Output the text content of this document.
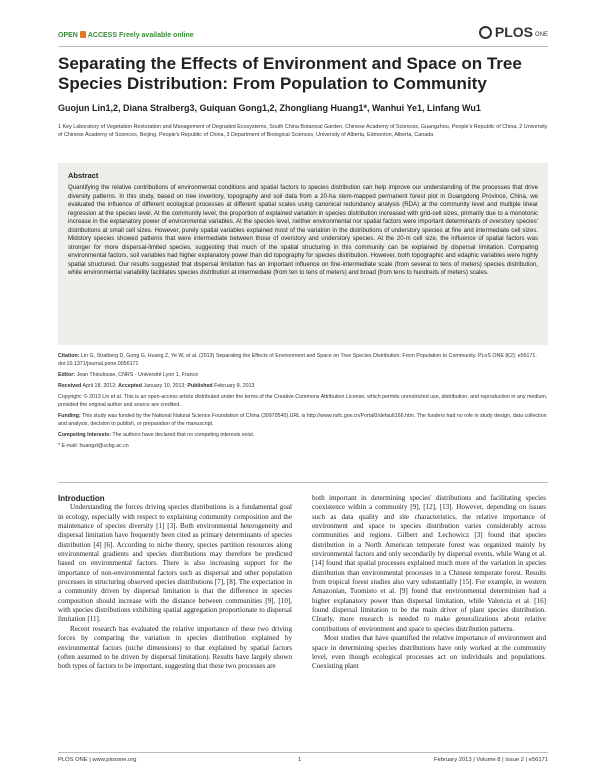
OPEN ACCESS Freely available online	PLOS ONE
Separating the Effects of Environment and Space on Tree Species Distribution: From Population to Community
Guojun Lin1,2, Diana Stralberg3, Guiquan Gong1,2, Zhongliang Huang1*, Wanhui Ye1, Linfang Wu1
1 Key Laboratory of Vegetation Restoration and Management of Degraded Ecosystems, South China Botanical Garden, Chinese Academy of Sciences, Guangzhou, People's Republic of China, 2 University of Chinese Academy of Sciences, Beijing, People's Republic of China, 3 Department of Biological Sciences, University of Alberta, Edmonton, Alberta, Canada

Abstract

Quantifying the relative contributions of environmental conditions and spatial factors to species distribution can help improve our understanding of the processes that drive diversity patterns. In this study, based on tree inventory, topography and soil data from a 20-ha stem-mapped permanent forest plot in Guangdong Province, China, we evaluated the influence of different ecological processes at different spatial scales using canonical redundancy analysis (RDA) at the community level and multiple linear regression at the species level. At the community level, the proportion of explained variation in species distribution increased with grid-cell sizes, primarily due to a monotonic increase in the explanatory power of environmental variables. At the species level, neither environmental nor spatial factors were important determinants of overstory species' distributions at small cell sizes. However, purely spatial variables explained most of the variation in the distributions of understory species at fine and intermediate cell sizes. Midstory species showed patterns that were intermediate between those of overstory and understory species. At the 20-m cell size, the influence of spatial factors was stronger for more dispersal-limited species, suggesting that much of the spatial structuring in this community can be explained by dispersal limitation. Comparing environmental factors, soil variables had higher explanatory power than did topography for species distribution. However, both topographic and edaphic variables were highly spatial structured. Our results suggested that dispersal limitation has an important influence on fine-intermediate scale (from several to tens of meters) species distribution, while environmental variability facilitates species distribution at intermediate (from ten to tens of meters) and broad (from tens to hundreds of meters) scales.

Citation: Lin G, Stralberg D, Gong G, Huang Z, Ye W, et al. (2013) Separating the Effects of Environment and Space on Tree Species Distribution: From Population to Community. PLoS ONE 8(2): e56171. doi:10.1371/journal.pone.0056171

Editor: Jean Thioulouse, CNRS - Université Lyon 1, France

Received April 18, 2012; Accepted January 10, 2013; Published February 8, 2013

Copyright: © 2013 Lin et al. This is an open-access article distributed under the terms of the Creative Commons Attribution License, which permits unrestricted use, distribution, and reproduction in any medium, provided the original author and source are credited.

Funding: This study was funded by the National Natural Science Foundation of China (30970540).URL is http://www.nsfc.gov.cn/Portal0/default166.htm. The funders had no role in study design, data collection and analysis, decision to publish, or preparation of the manuscript.

Competing Interests: The authors have declared that no competing interests exist.

* E-mail: huangzl@scbg.ac.cn

Introduction

Understanding the forces driving species distributions is a fundamental goal in ecology, especially with respect to explaining community composition and the maintenance of species diversity [1] [3]. Both environmental heterogeneity and dispersal limitation have frequently been cited as primary determinants of species distribution [4] [6]. According to niche theory, species partition resources along environmental gradients and species distributions may therefore be predicted based on environmental factors. There is also increasing support for the importance of non-environmental factors such as dispersal and other population processes in structuring observed species distributions [7], [8]. The expectation in a community driven by dispersal limitation is that the difference in species composition should increase with the distance between communities [9], [10], with species distributions exhibiting spatial aggregation proportionate to dispersal limitation [11].

Recent research has evaluated the relative importance of these two driving forces by comparing the variation in species distribution explained by environmental factors (niche dimensions) to that explained by spatial factors (often assumed to be driven by dispersal limitation). Results have largely shown both types of factors to be important, suggesting that these two processes are

both important in determining species' distributions and facilitating species coexistence within a community [9], [12], [13]. However, depending on issues such as data quality and site characteristics, the relative importance of environment and space to species distribution varies considerably across communities and regions. Gilbert and Lechowicz [3] found that species distribution in a North American temperate forest was organized mainly by environmental factors and only secondarily by dispersal events, while Wang et al. [14] found that spatial processes explained much more of the variation in species distribution than environmental processes in a Chinese temperate forest. Results from tropical forest studies also vary substantially [15]. For example, in western Amazonian, Tuomisto et al. [9] found that environmental determinism had a higher explanatory power than dispersal limitation, while Valencia et al. [16] found dispersal limitation to be the main driver of plant species distribution. Clearly, more research is needed to make generalizations about relative contributions of environment and space to species distribution patterns.

Most studies that have quantified the relative importance of environment and space in determining species distributions have only worked at the community level, even though ecological processes act on individuals and populations. Coexisting plant

PLOS ONE | www.plosone.org	1	February 2013 | Volume 8 | Issue 2 | e56171
